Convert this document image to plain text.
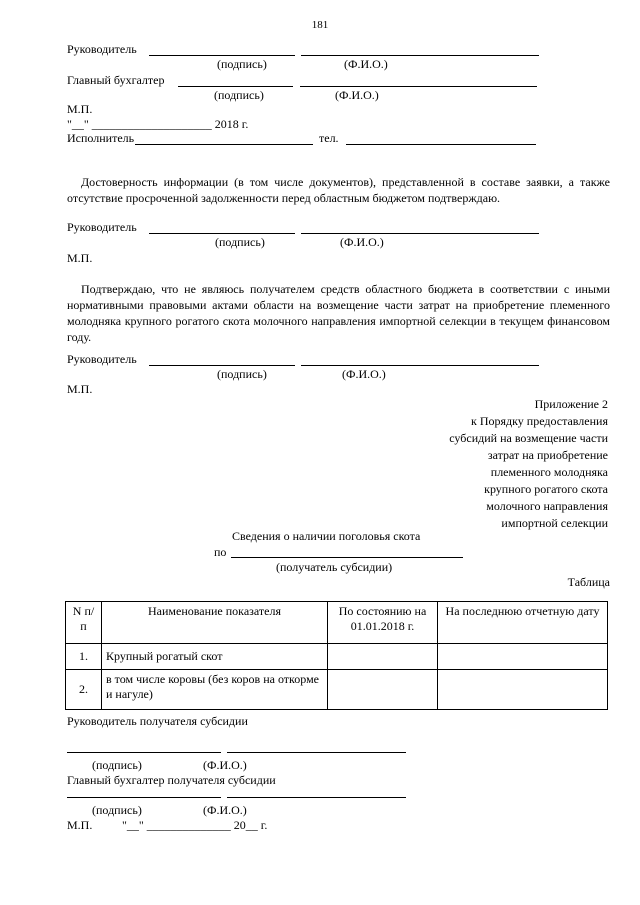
181
Руководитель
(подпись)	(Ф.И.О.)
Главный бухгалтер
(подпись)	(Ф.И.О.)
М.П.
"__" ____________________ 2018 г.
Исполнитель	тел.
Достоверность информации (в том числе документов), представленной в составе заявки, а также отсутствие просроченной задолженности перед областным бюджетом подтверждаю.
Руководитель
(подпись)	(Ф.И.О.)
М.П.
Подтверждаю, что не являюсь получателем средств областного бюджета в соответствии с иными нормативными правовыми актами области на возмещение части затрат на приобретение племенного молодняка крупного рогатого скота молочного направления импортной селекции в текущем финансовом году.
Руководитель
(подпись)	(Ф.И.О.)
М.П.
Приложение 2
к Порядку предоставления
субсидий на возмещение части
затрат на приобретение
племенного молодняка
крупного рогатого скота
молочного направления
импортной селекции
Сведения о наличии поголовья скота
по
(получатель субсидии)
Таблица
N п/п	Наименование показателя	По состоянию на 01.01.2018 г.	На последнюю отчетную дату
1.	Крупный рогатый скот		
2.	в том числе коровы (без коров на откорме и нагуле)		
Руководитель получателя субсидии
(подпись)	(Ф.И.О.)
Главный бухгалтер получателя субсидии
(подпись)	(Ф.И.О.)
М.П. "__" ______________ 20__ г.
